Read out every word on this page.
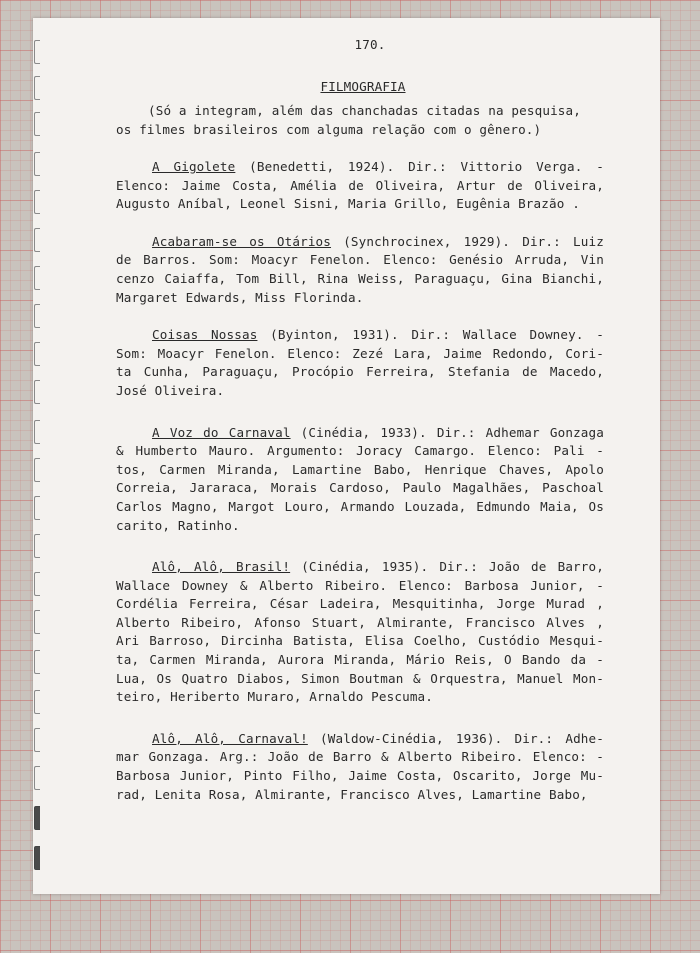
170.
FILMOGRAFIA
(Só a integram, além das chanchadas citadas na pesquisa,
os filmes brasileiros com alguma relação com o gênero.)
A Gigolete (Benedetti, 1924). Dir.: Vittorio Verga. -
Elenco: Jaime Costa, Amélia de Oliveira, Artur de Oliveira,
Augusto Aníbal, Leonel Sisni, Maria Grillo, Eugênia Brazão .
Acabaram-se os Otários (Synchrocinex, 1929). Dir.: Luiz
de Barros. Som: Moacyr Fenelon. Elenco: Genésio Arruda, Vin
cenzo Caiaffa, Tom Bill, Rina Weiss, Paraguaçu, Gina Bianchi,
Margaret Edwards, Miss Florinda.
Coisas Nossas (Byinton, 1931). Dir.: Wallace Downey. -
Som: Moacyr Fenelon. Elenco: Zezé Lara, Jaime Redondo, Cori-
ta Cunha, Paraguaçu, Procópio Ferreira, Stefania de Macedo,
José Oliveira.
A Voz do Carnaval (Cinédia, 1933). Dir.: Adhemar Gonzaga
& Humberto Mauro. Argumento: Joracy Camargo. Elenco: Pali -
tos, Carmen Miranda, Lamartine Babo, Henrique Chaves, Apolo
Correia, Jararaca, Morais Cardoso, Paulo Magalhães, Paschoal
Carlos Magno, Margot Louro, Armando Louzada, Edmundo Maia, Os
carito, Ratinho.
Alô, Alô, Brasil! (Cinédia, 1935). Dir.: João de Barro,
Wallace Downey & Alberto Ribeiro. Elenco: Barbosa Junior, -
Cordélia Ferreira, César Ladeira, Mesquitinha, Jorge Murad ,
Alberto Ribeiro, Afonso Stuart, Almirante, Francisco Alves ,
Ari Barroso, Dircinha Batista, Elisa Coelho, Custódio Mesqui-
ta, Carmen Miranda, Aurora Miranda, Mário Reis, O Bando da -
Lua, Os Quatro Diabos, Simon Boutman & Orquestra, Manuel Mon-
teiro, Heriberto Muraro, Arnaldo Pescuma.
Alô, Alô, Carnaval! (Waldow-Cinédia, 1936). Dir.: Adhe-
mar Gonzaga. Arg.: João de Barro & Alberto Ribeiro. Elenco: -
Barbosa Junior, Pinto Filho, Jaime Costa, Oscarito, Jorge Mu-
rad, Lenita Rosa, Almirante, Francisco Alves, Lamartine Babo,
